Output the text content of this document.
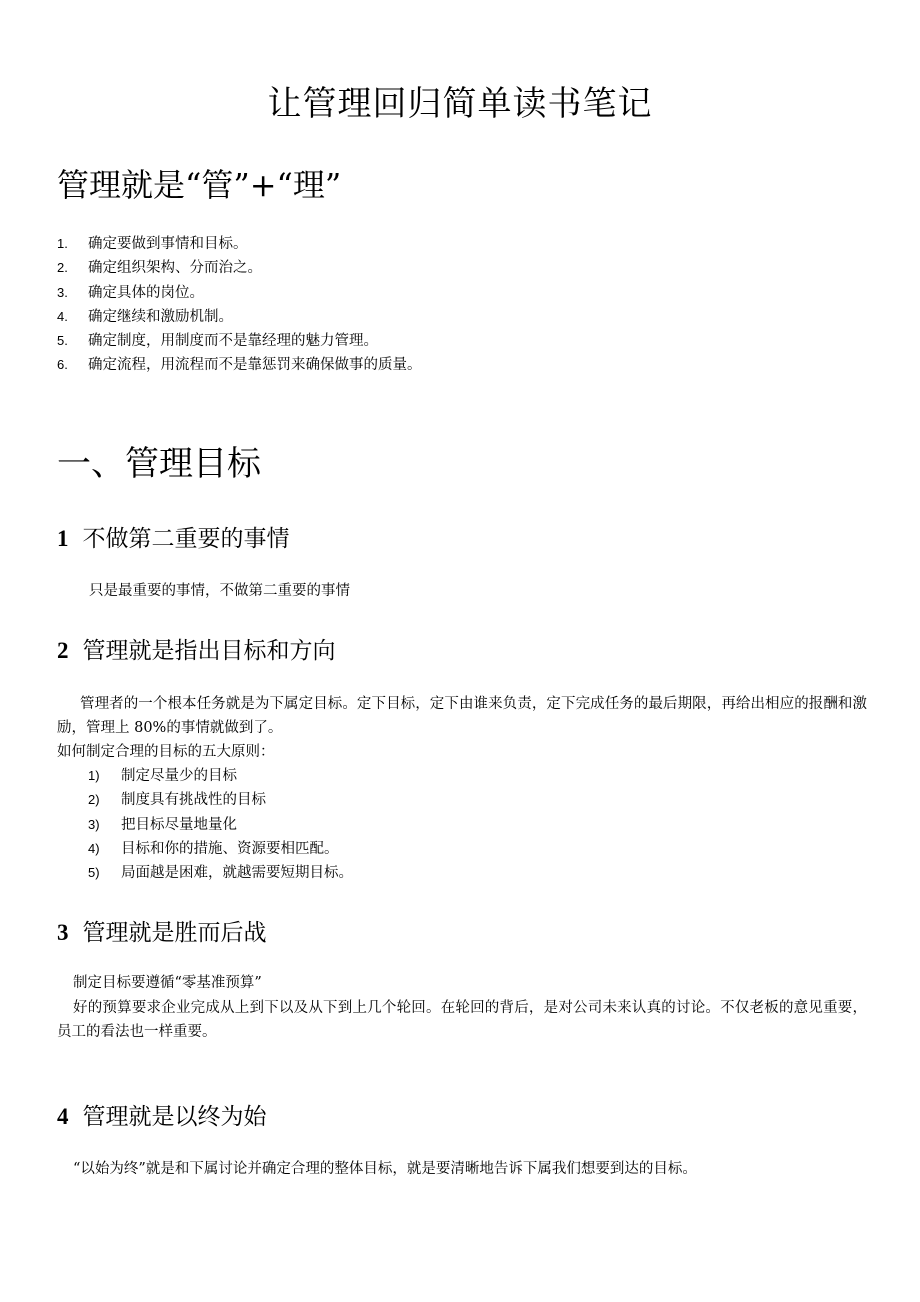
让管理回归简单读书笔记
管理就是“管”+“理”
1. 确定要做到事情和目标。
2. 确定组织架构、分而治之。
3. 确定具体的岗位。
4. 确定继续和激励机制。
5. 确定制度，用制度而不是靠经理的魅力管理。
6. 确定流程，用流程而不是靠惩罚来确保做事的质量。
一、管理目标
1 不做第二重要的事情

只是最重要的事情，不做第二重要的事情

2 管理就是指出目标和方向

管理者的一个根本任务就是为下属定目标。定下目标，定下由谁来负责，定下完成任务的最后期限，再给出相应的报酬和激励，管理上 80%的事情就做到了。

如何制定合理的目标的五大原则：

1) 制定尽量少的目标
2) 制度具有挑战性的目标
3) 把目标尽量地量化
4) 目标和你的措施、资源要相匹配。
5) 局面越是困难，就越需要短期目标。
3 管理就是胜而后战

制定目标要遵循“零基准预算”

好的预算要求企业完成从上到下以及从下到上几个轮回。在轮回的背后，是对公司未来认真的讨论。不仅老板的意见重要，员工的看法也一样重要。

4 管理就是以终为始

“以始为终”就是和下属讨论并确定合理的整体目标，就是要清晰地告诉下属我们想要到达的目标。
